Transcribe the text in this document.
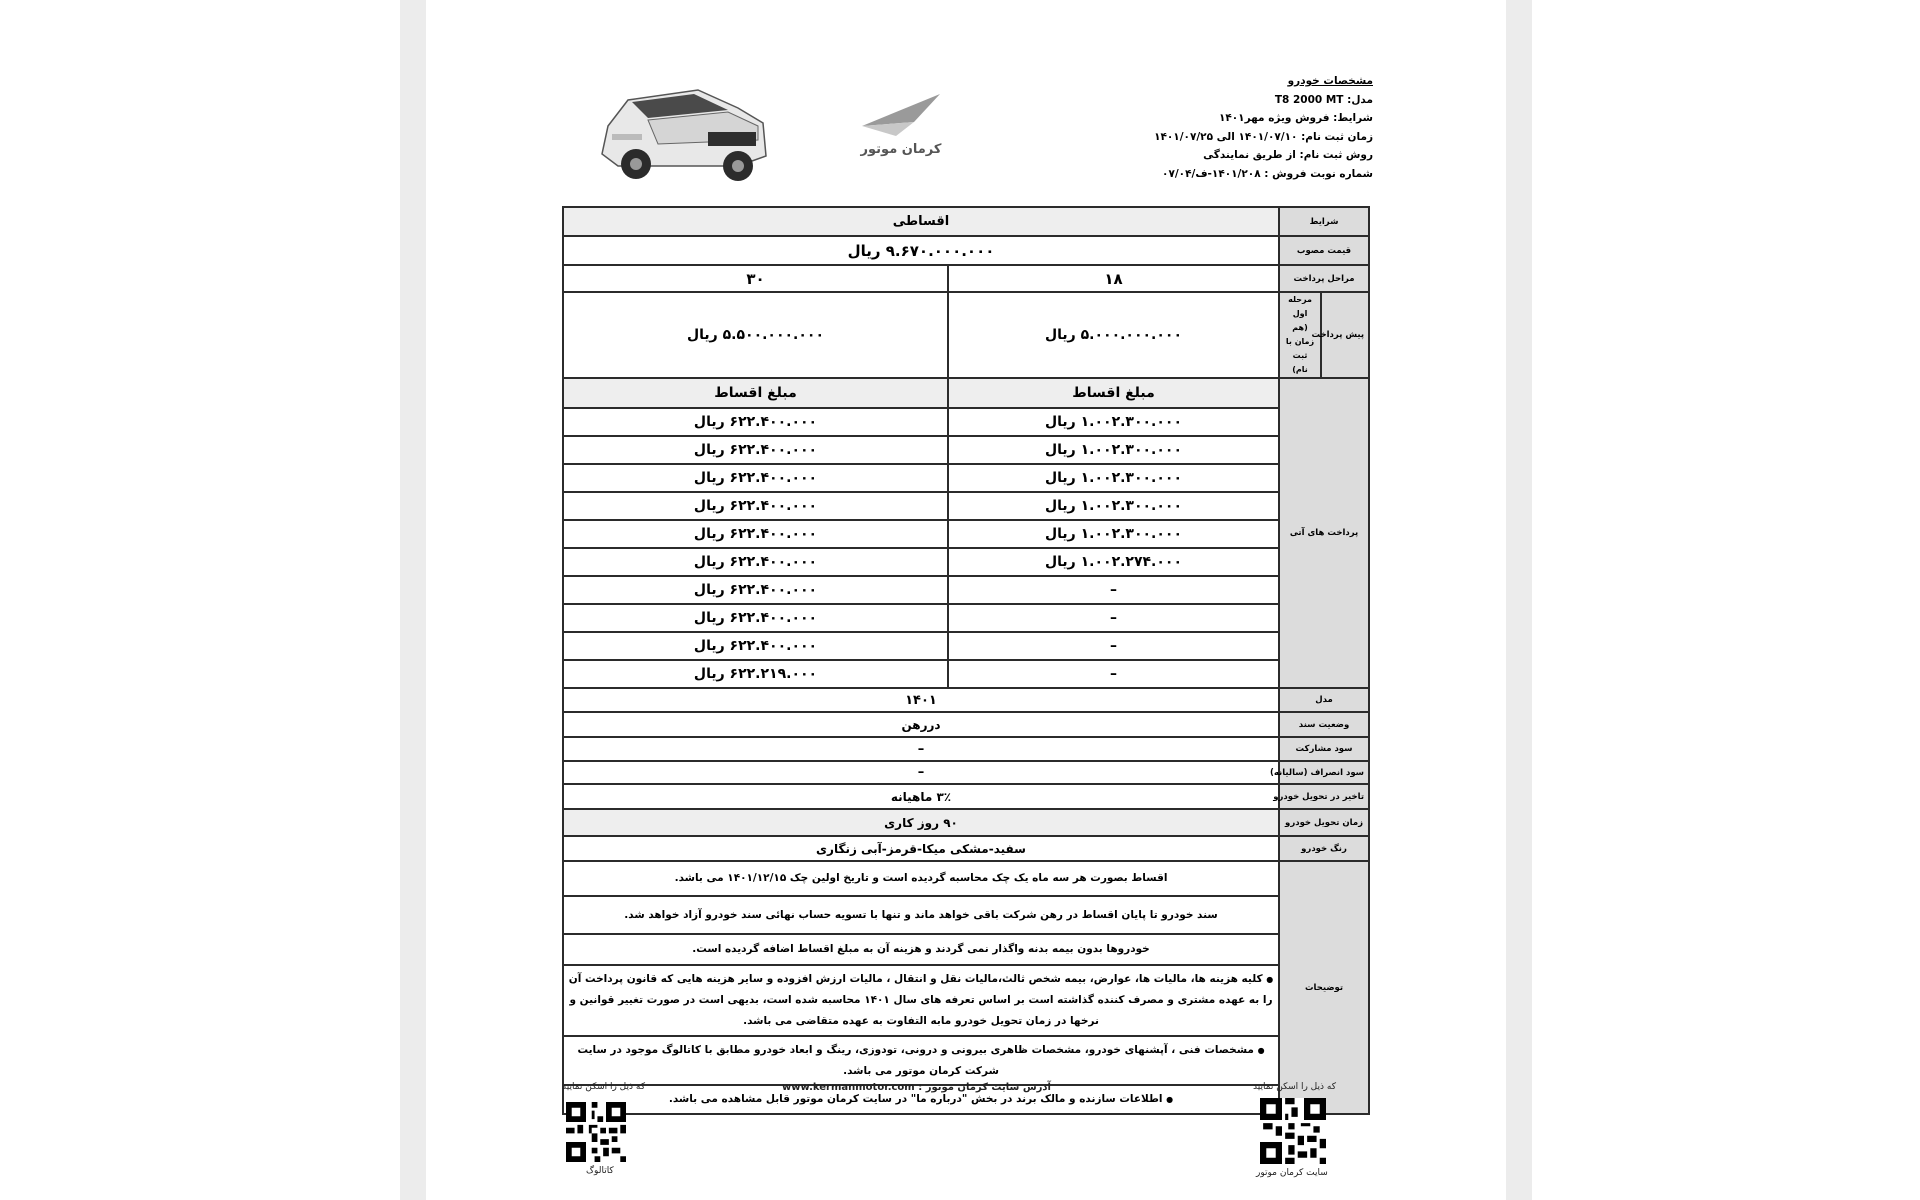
کرمان موتور
مشخصات خودرو
مدل: T8 2000 MT
شرایط: فروش ویژه مهر۱۴۰۱
زمان ثبت نام: ۱۴۰۱/۰۷/۱۰ الی ۱۴۰۱/۰۷/۲۵
روش ثبت نام: از طریق نمایندگی
شماره نوبت فروش : ۱۴۰۱/۲۰۸-ف/۰۷/۰۴
شرایط		اقساطی	
قیمت مصوب		۹.۶۷۰.۰۰۰.۰۰۰ ریال	
مراحل پرداخت		۱۸	۳۰
پیش پرداخت	مرحله اول (هم زمان با ثبت نام)	۵.۰۰۰.۰۰۰.۰۰۰ ریال	۵.۵۰۰.۰۰۰.۰۰۰ ریال
پرداخت های آتی		مبلغ اقساط	مبلغ اقساط
		۱.۰۰۲.۳۰۰.۰۰۰ ریال	۶۲۲.۴۰۰.۰۰۰ ریال
		۱.۰۰۲.۳۰۰.۰۰۰ ریال	۶۲۲.۴۰۰.۰۰۰ ریال
		۱.۰۰۲.۳۰۰.۰۰۰ ریال	۶۲۲.۴۰۰.۰۰۰ ریال
		۱.۰۰۲.۳۰۰.۰۰۰ ریال	۶۲۲.۴۰۰.۰۰۰ ریال
		۱.۰۰۲.۳۰۰.۰۰۰ ریال	۶۲۲.۴۰۰.۰۰۰ ریال
		۱.۰۰۲.۲۷۴.۰۰۰ ریال	۶۲۲.۴۰۰.۰۰۰ ریال
		–	۶۲۲.۴۰۰.۰۰۰ ریال
		–	۶۲۲.۴۰۰.۰۰۰ ریال
		–	۶۲۲.۴۰۰.۰۰۰ ریال
		–	۶۲۲.۲۱۹.۰۰۰ ریال
مدل		۱۴۰۱	
وضعیت سند		دررهن	
سود مشارکت		–	
سود انصراف (سالیانه)		–	
تاخیر در تحویل خودرو		۳٪ ماهیانه	
زمان تحویل خودرو		۹۰ روز کاری	
رنگ خودرو		سفید-مشکی میکا-قرمز-آبی زنگاری	
توضیحات		اقساط بصورت هر سه ماه یک چک محاسبه گردیده است و تاریخ اولین چک ۱۴۰۱/۱۲/۱۵ می باشد.	
		سند خودرو تا پایان اقساط در رهن شرکت باقی خواهد ماند و تنها با تسویه حساب نهائی سند خودرو آزاد خواهد شد.	
		خودروها بدون بیمه بدنه واگذار نمی گردند و هزینه آن به مبلغ اقساط اضافه گردیده است.	
		● کلیه هزینه ها، مالیات ها، عوارض، بیمه شخص ثالث،مالیات نقل و انتقال ، مالیات ارزش افزوده و سایر هزینه هایی که قانون پرداخت آن را به عهده مشتری و مصرف کننده گذاشته است بر اساس تعرفه های سال ۱۴۰۱ محاسبه شده است، بدیهی است در صورت تغییر قوانین و نرخها در زمان تحویل خودرو مابه التفاوت به عهده متقاضی می باشد.	
		● مشخصات فنی ، آپشنهای خودرو، مشخصات ظاهری بیرونی و درونی، تودوزی، رینگ و ابعاد خودرو مطابق با کاتالوگ موجود در سایت شرکت کرمان موتور می باشد.	
		● اطلاعات سازنده و مالک برند در بخش "درباره ما" در سایت کرمان موتور قابل مشاهده می باشد.	
که ذیل را اسکن نمایید	آدرس سایت کرمان موتور : www.kermanmotor.com	که ذیل را اسکن نمایید
کاتالوگ	سایت کرمان موتور
